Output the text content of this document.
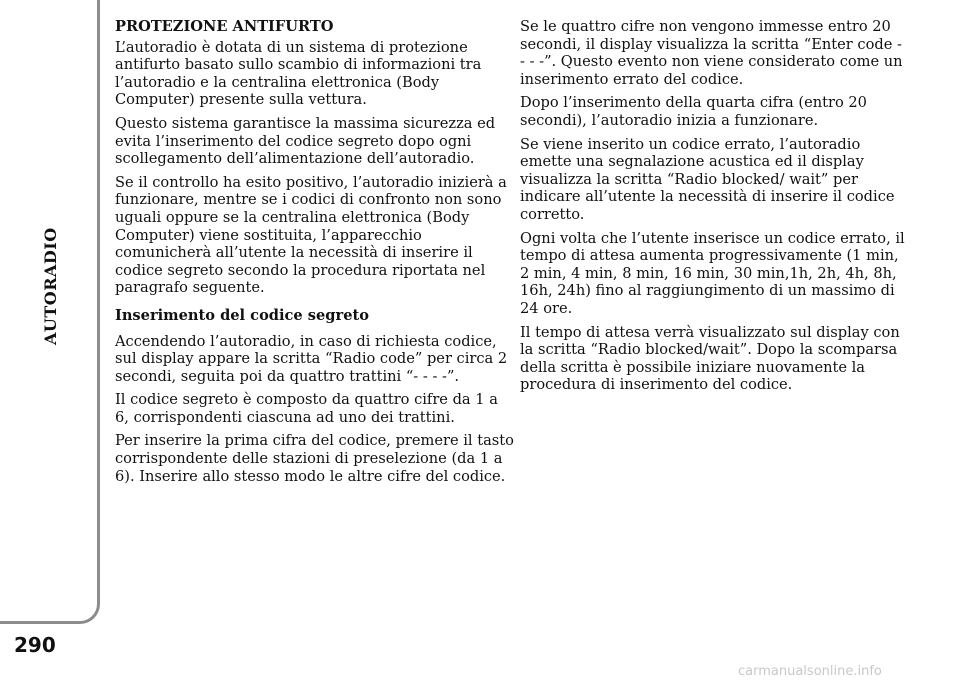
AUTORADIO
290

PROTEZIONE ANTIFURTO

L’autoradio è dotata di un sistema di protezione antifurto basato sullo scambio di informazioni tra l’autoradio e la centralina elettronica (Body Computer) presente sulla vettura.

Questo sistema garantisce la massima sicurezza ed evita l’inserimento del codice segreto dopo ogni scollegamento dell’alimentazione dell’autoradio.

Se il controllo ha esito positivo, l’autoradio inizierà a funzionare, mentre se i codici di confronto non sono uguali oppure se la centralina elettronica (Body Computer) viene sostituita, l’apparecchio comunicherà all’utente la necessità di inserire il codice segreto secondo la procedura riportata nel paragrafo seguente.

Inserimento del codice segreto

Accendendo l’autoradio, in caso di richiesta codice, sul display appare la scritta “Radio code” per circa 2 secondi, seguita poi da quattro trattini “- - - -”.

Il codice segreto è composto da quattro cifre da 1 a 6, corrispondenti ciascuna ad uno dei trattini.

Per inserire la prima cifra del codice, premere il tasto corrispondente delle stazioni di preselezione (da 1 a 6). Inserire allo stesso modo le altre cifre del codice.

Se le quattro cifre non vengono immesse entro 20 secondi, il display visualizza la scritta “Enter code - - - -”. Questo evento non viene considerato come un inserimento errato del codice.

Dopo l’inserimento della quarta cifra (entro 20 secondi), l’autoradio inizia a funzionare.

Se viene inserito un codice errato, l’autoradio emette una segnalazione acustica ed il display visualizza la scritta “Radio blocked/ wait” per indicare all’utente la necessità di inserire il codice corretto.

Ogni volta che l’utente inserisce un codice errato, il tempo di attesa aumenta progressivamente (1 min, 2 min, 4 min, 8 min, 16 min, 30 min,1h, 2h, 4h, 8h, 16h, 24h) fino al raggiungimento di un massimo di 24 ore.

Il tempo di attesa verrà visualizzato sul display con la scritta “Radio blocked/wait”. Dopo la scomparsa della scritta è possibile iniziare nuovamente la procedura di inserimento del codice.

carmanualsonline.info
